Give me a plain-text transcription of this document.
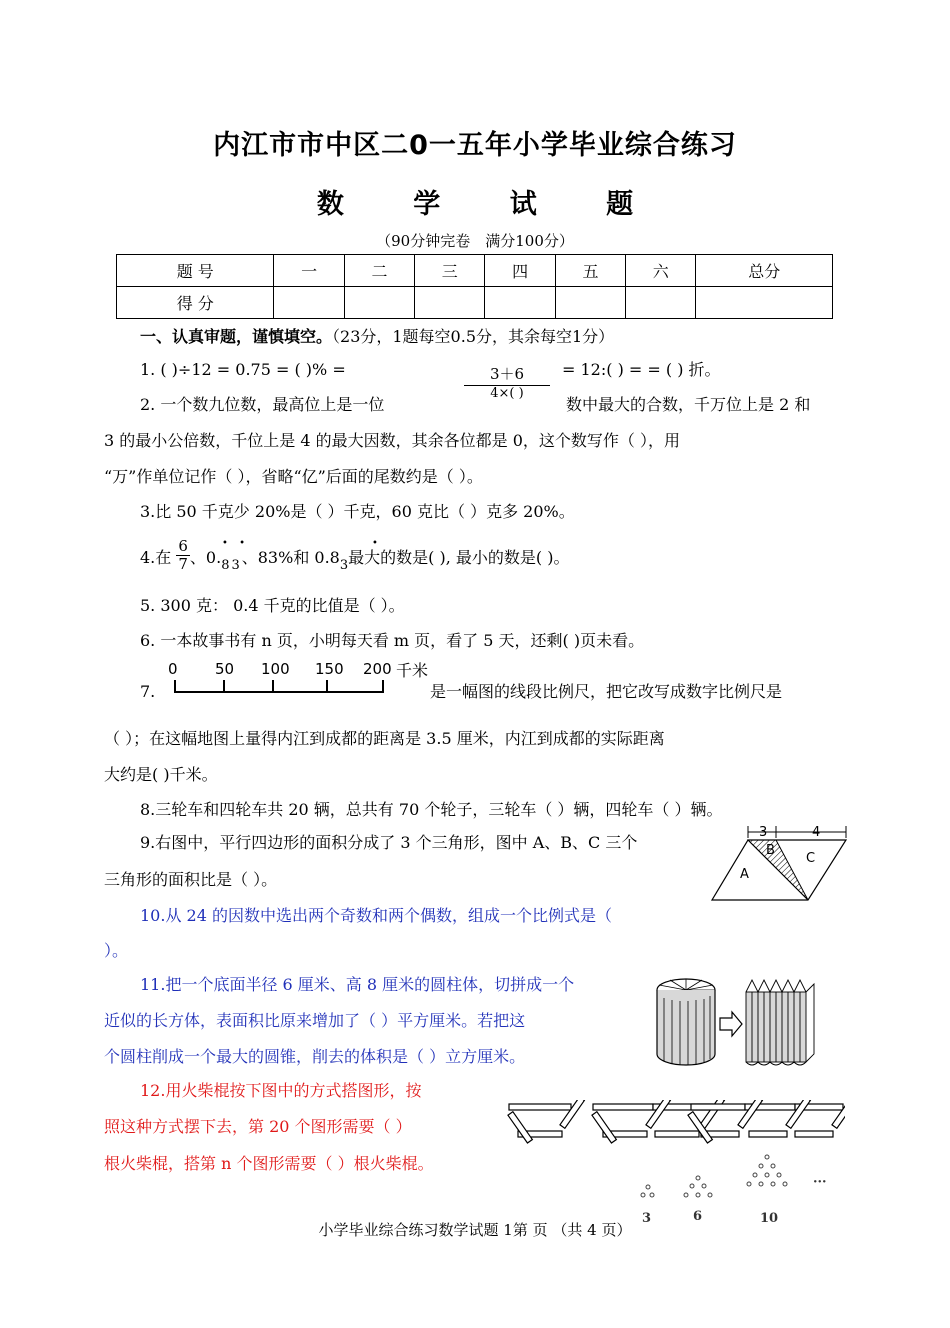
内江市市中区二0一五年小学毕业综合练习
数 学 试 题
（90分钟完卷　满分100分）
题 号	一	二	三	四	五	六	总分
得 分							
一、认真审题，谨慎填空。（23分，1题每空0.5分，其余每空1分）
1. ( )÷12 = 0.75 = ( )% =	$\frac{3+6}{4\times( )}$ = 12:( ) = = ( ) 折。
2. 一个数九位数，最高位上是一位	数中最大的合数，千万位上是 2 和
3 的最小公倍数，千位上是 4 的最大因数，其余各位都是 0，这个数写作（ ），用
“万”作单位记作（ ），省略“亿”后面的尾数约是（ ）。
3.比 50 千克少 20%是（ ）千克，60 克比（ ）克多 20%。
4.在 $\frac{6}{7}$、$0._{83}$、83%和 $0.8_3$最大的数是( ), 最小的数是( )。
• •	•
5. 300 克： 0.4 千克的比值是（ ）。
6. 一本故事书有 n 页，小明每天看 m 页，看了 5 天，还剩( )页未看。
7.
0 50 100 150 200 千米
是一幅图的线段比例尺，把它改写成数字比例尺是
（ ）；在这幅地图上量得内江到成都的距离是 3.5 厘米，内江到成都的实际距离
大约是( )千米。
8.三轮车和四轮车共 20 辆，总共有 70 个轮子，三轮车（ ）辆，四轮车（ ）辆。
9.右图中，平行四边形的面积分成了 3 个三角形，图中 A、B、C 三个
三角形的面积比是（ ）。
3	4
A
B
C
10.从 24 的因数中选出两个奇数和两个偶数，组成一个比例式是（
）。
11.把一个底面半径 6 厘米、高 8 厘米的圆柱体，切拼成一个
近似的长方体，表面积比原来增加了（ ）平方厘米。若把这
个圆柱削成一个最大的圆锥，削去的体积是（ ）立方厘米。
12.用火柴棍按下图中的方式搭图形，按
照这种方式摆下去，第 20 个图形需要（ ）
根火柴棍，搭第 n 个图形需要（ ）根火柴棍。
3	6	10
···
小学毕业综合练习数学试题 1第 页 （共 4 页）
